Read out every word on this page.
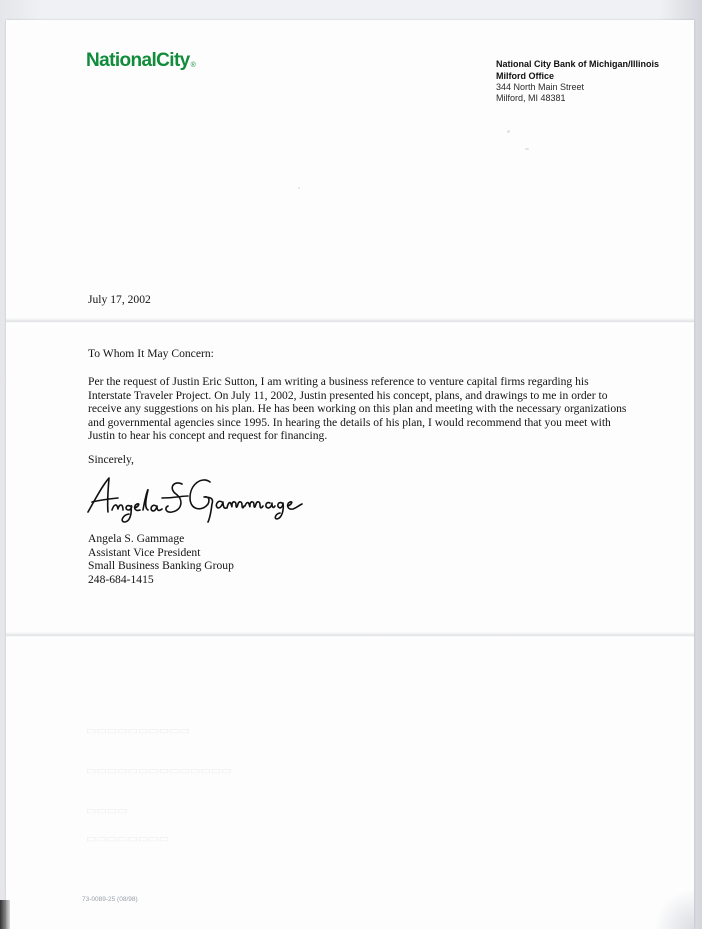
NationalCity®	National City Bank of Michigan/Illinois
Milford Office
344 North Main Street
Milford, MI 48381
July 17, 2002
To Whom It May Concern:
Per the request of Justin Eric Sutton, I am writing a business reference to venture capital firms regarding his
Interstate Traveler Project. On July 11, 2002, Justin presented his concept, plans, and drawings to me in order to
receive any suggestions on his plan. He has been working on this plan and meeting with the necessary organizations
and governmental agencies since 1995. In hearing the details of his plan, I would recommend that you meet with
Justin to hear his concept and request for financing.
Sincerely,
Angela S. Gammage
Assistant Vice President
Small Business Banking Group
248-684-1415
▭▭▭▭▭▭▭▭▭▭
▭▭▭▭▭▭▭▭▭▭▭▭▭▭
▭▭▭▭
▭▭▭▭▭▭▭▭
73-0089-25 (08/98)
